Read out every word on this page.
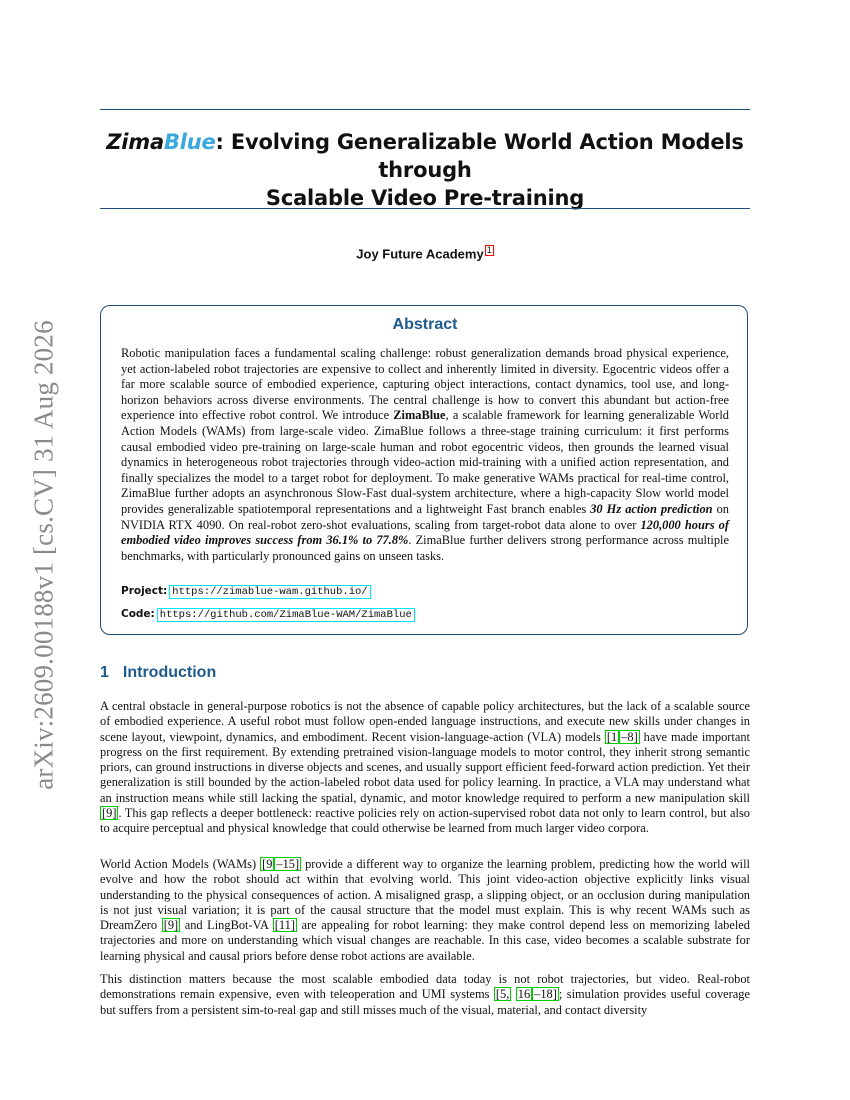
ZimaBlue: Evolving Generalizable World Action Models through
Scalable Video Pre-training
Joy Future Academy 1
arXiv:2609.00188v1 [cs.CV] 31 Aug 2026	Abstract
Robotic manipulation faces a fundamental scaling challenge: robust generalization demands broad physical experience, yet action-labeled robot trajectories are expensive to collect and inherently limited in diversity. Egocentric videos offer a far more scalable source of embodied experience, capturing object interactions, contact dynamics, tool use, and long-horizon behaviors across diverse environments. The central challenge is how to convert this abundant but action-free experience into effective robot control. We introduce ZimaBlue, a scalable framework for learning generalizable World Action Models (WAMs) from large-scale video. ZimaBlue follows a three-stage training curriculum: it first performs causal embodied video pre-training on large-scale human and robot egocentric videos, then grounds the learned visual dynamics in heterogeneous robot trajectories through video-action mid-training with a unified action representation, and finally specializes the model to a target robot for deployment. To make generative WAMs practical for real-time control, ZimaBlue further adopts an asynchronous Slow-Fast dual-system architecture, where a high-capacity Slow world model provides generalizable spatiotemporal representations and a lightweight Fast branch enables 30 Hz action prediction on NVIDIA RTX 4090. On real-robot zero-shot evaluations, scaling from target-robot data alone to over 120,000 hours of embodied video improves success from 36.1% to 77.8%. ZimaBlue further delivers strong performance across multiple benchmarks, with particularly pronounced gains on unseen tasks.
Project: https://zimablue-wam.github.io/
Code: https://github.com/ZimaBlue-WAM/ZimaBlue
1 Introduction
A central obstacle in general-purpose robotics is not the absence of capable policy architectures, but the lack of a scalable source of embodied experience. A useful robot must follow open-ended language instructions, and execute new skills under changes in scene layout, viewpoint, dynamics, and embodiment. Recent vision-language-action (VLA) models [1 –8] have made important progress on the first requirement. By extending pretrained vision-language models to motor control, they inherit strong semantic priors, can ground instructions in diverse objects and scenes, and usually support efficient feed-forward action prediction. Yet their generalization is still bounded by the action-labeled robot data used for policy learning. In practice, a VLA may understand what an instruction means while still lacking the spatial, dynamic, and motor knowledge required to perform a new manipulation skill [9] . This gap reflects a deeper bottleneck: reactive policies rely on action-supervised robot data not only to learn control, but also to acquire perceptual and physical knowledge that could otherwise be learned from much larger video corpora.
World Action Models (WAMs) [9 –15] provide a different way to organize the learning problem, predicting how the world will evolve and how the robot should act within that evolving world. This joint video-action objective explicitly links visual understanding to the physical consequences of action. A misaligned grasp, a slipping object, or an occlusion during manipulation is not just visual variation; it is part of the causal structure that the model must explain. This is why recent WAMs such as DreamZero [9] and LingBot-VA [11] are appealing for robot learning: they make control depend less on memorizing labeled trajectories and more on understanding which visual changes are reachable. In this case, video becomes a scalable substrate for learning physical and causal priors before dense robot actions are available.
This distinction matters because the most scalable embodied data today is not robot trajectories, but video. Real-robot demonstrations remain expensive, even with teleoperation and UMI systems [5, 16 –18] ; simulation provides useful coverage but suffers from a persistent sim-to-real gap and still misses much of the visual, material, and contact diversity
